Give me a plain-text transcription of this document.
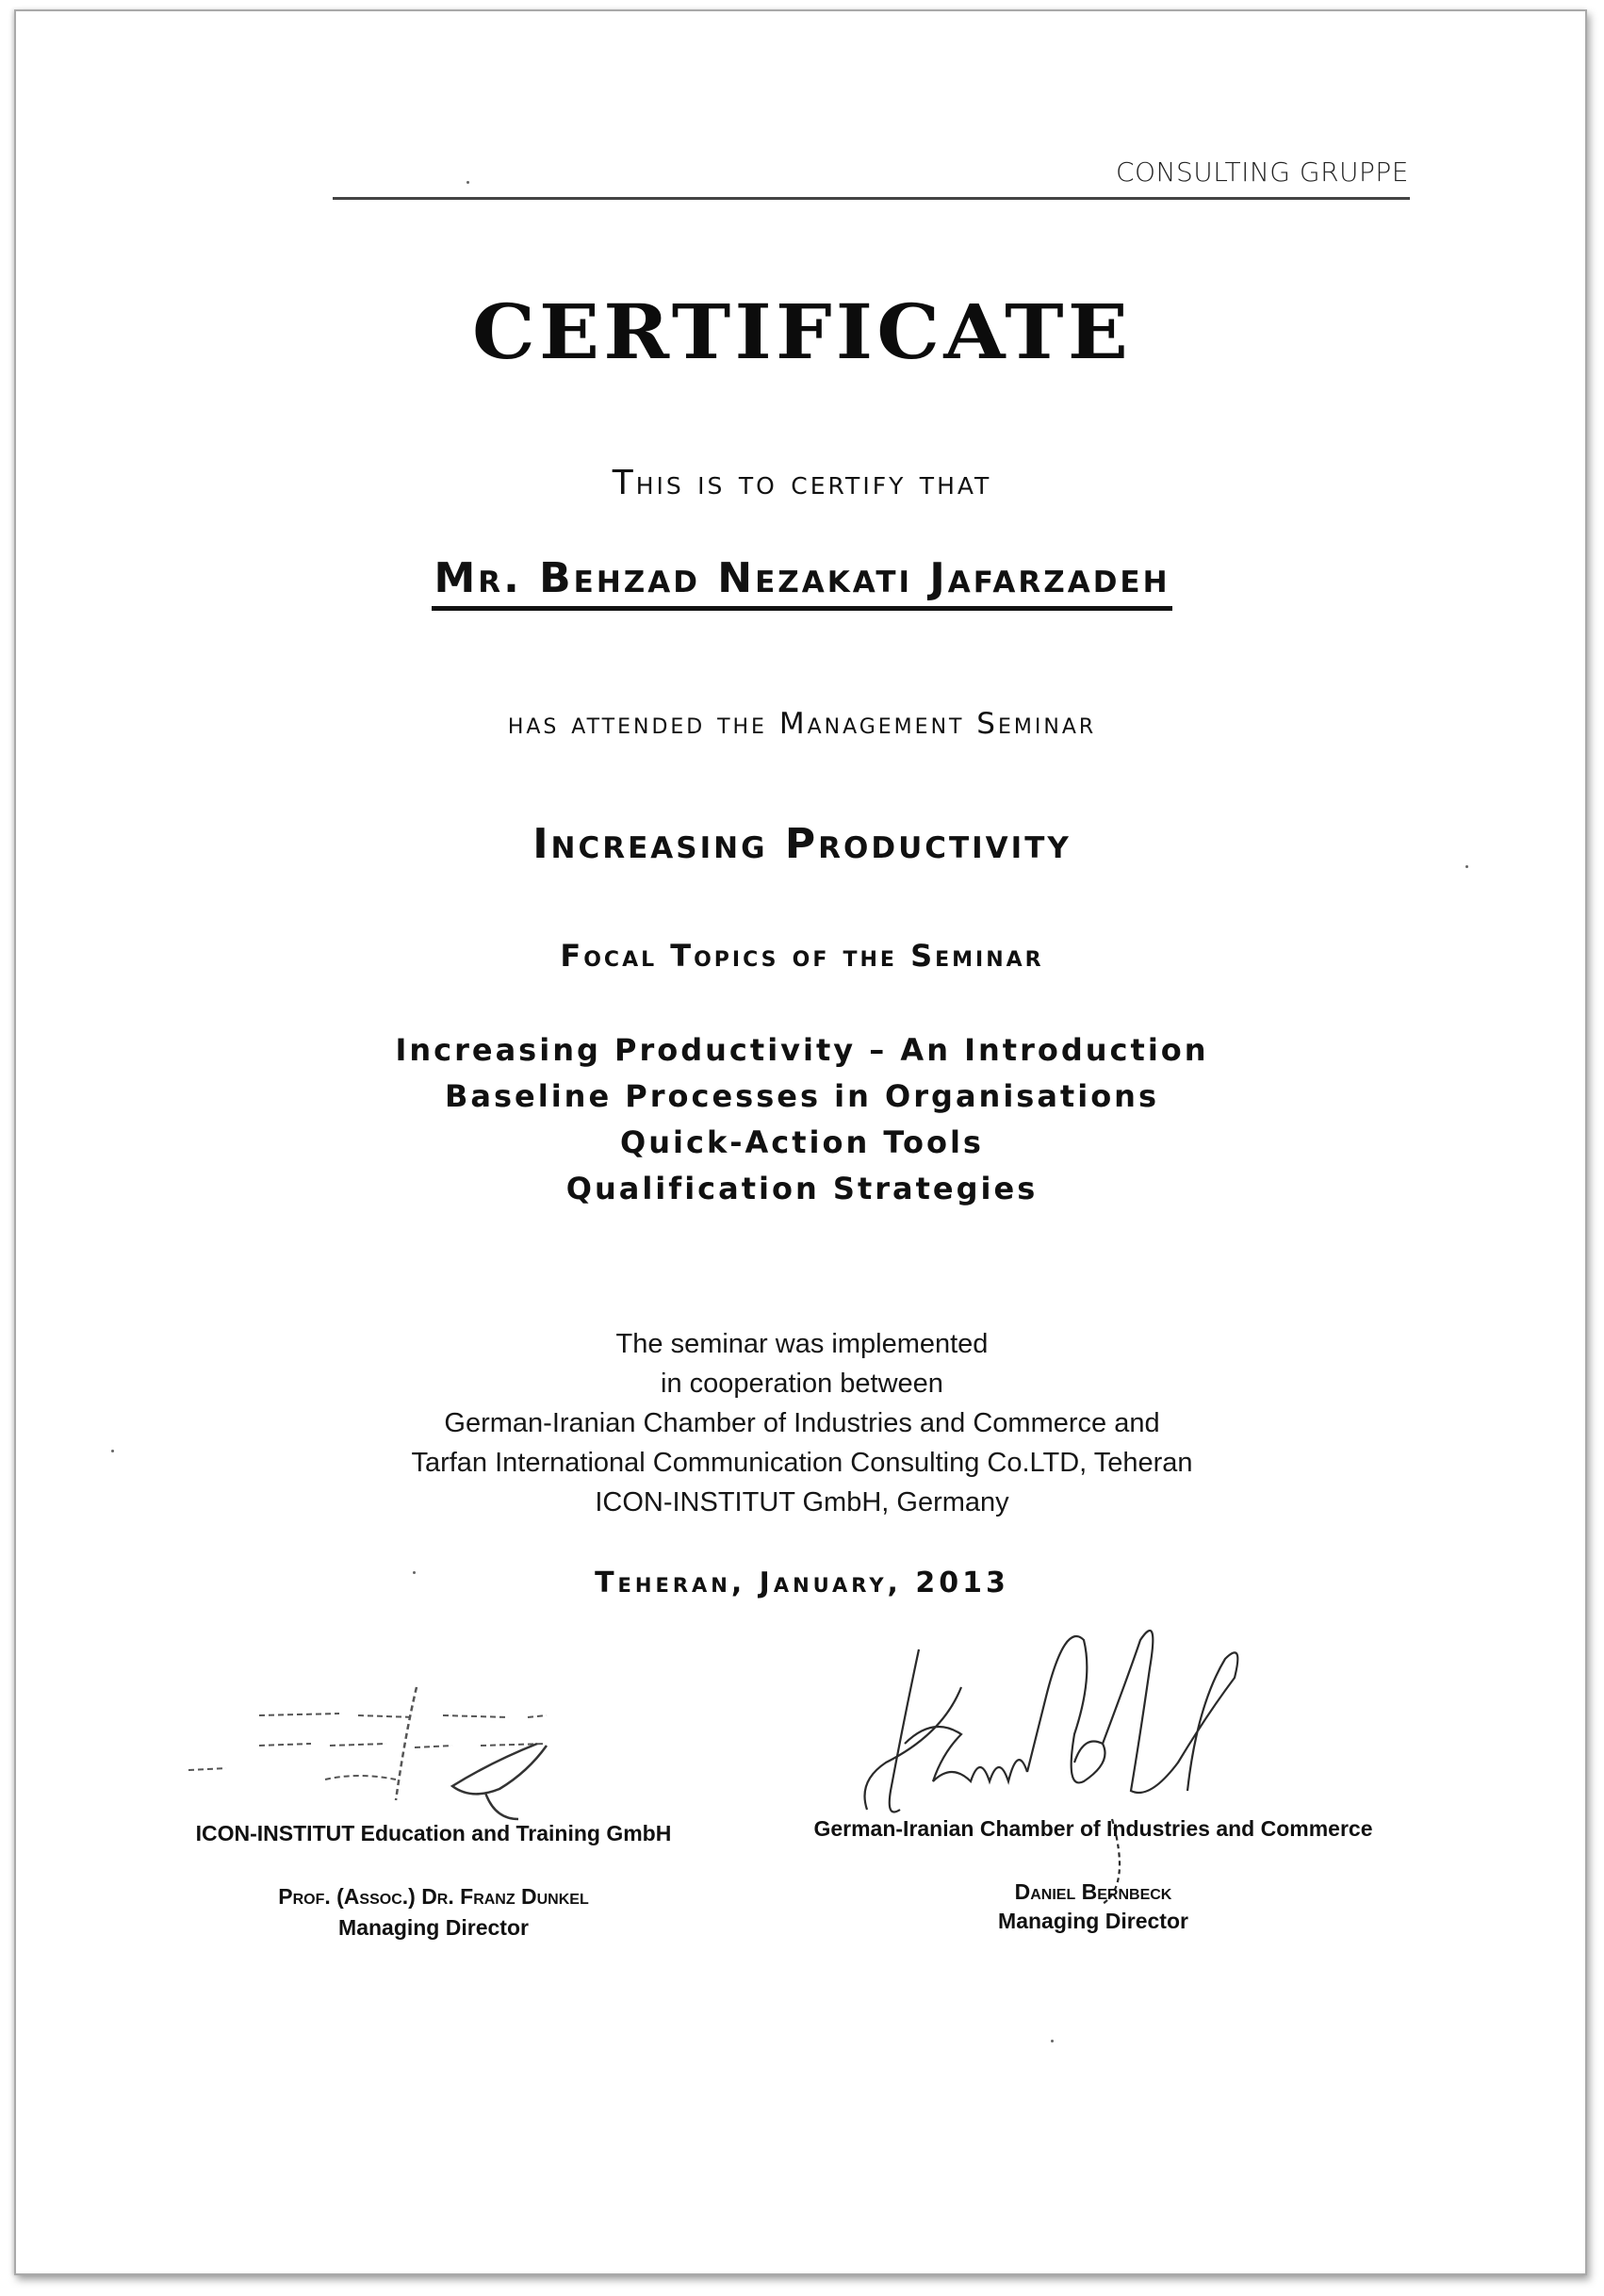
CONSULTING GRUPPE
CERTIFICATE
This is to certify that
Mr. Behzad Nezakati Jafarzadeh
has attended the Management Seminar
Increasing Productivity
Focal Topics of the Seminar
Increasing Productivity – An Introduction
Baseline Processes in Organisations
Quick-Action Tools
Qualification Strategies
The seminar was implemented
in cooperation between
German-Iranian Chamber of Industries and Commerce and
Tarfan International Communication Consulting Co.LTD, Teheran
ICON-INSTITUT GmbH, Germany
Teheran, January, 2013
ICON-INSTITUT Education and Training GmbH
Prof. (Assoc.) Dr. Franz Dunkel
Managing Director
German-Iranian Chamber of Industries and Commerce
Daniel Bernbeck
Managing Director
